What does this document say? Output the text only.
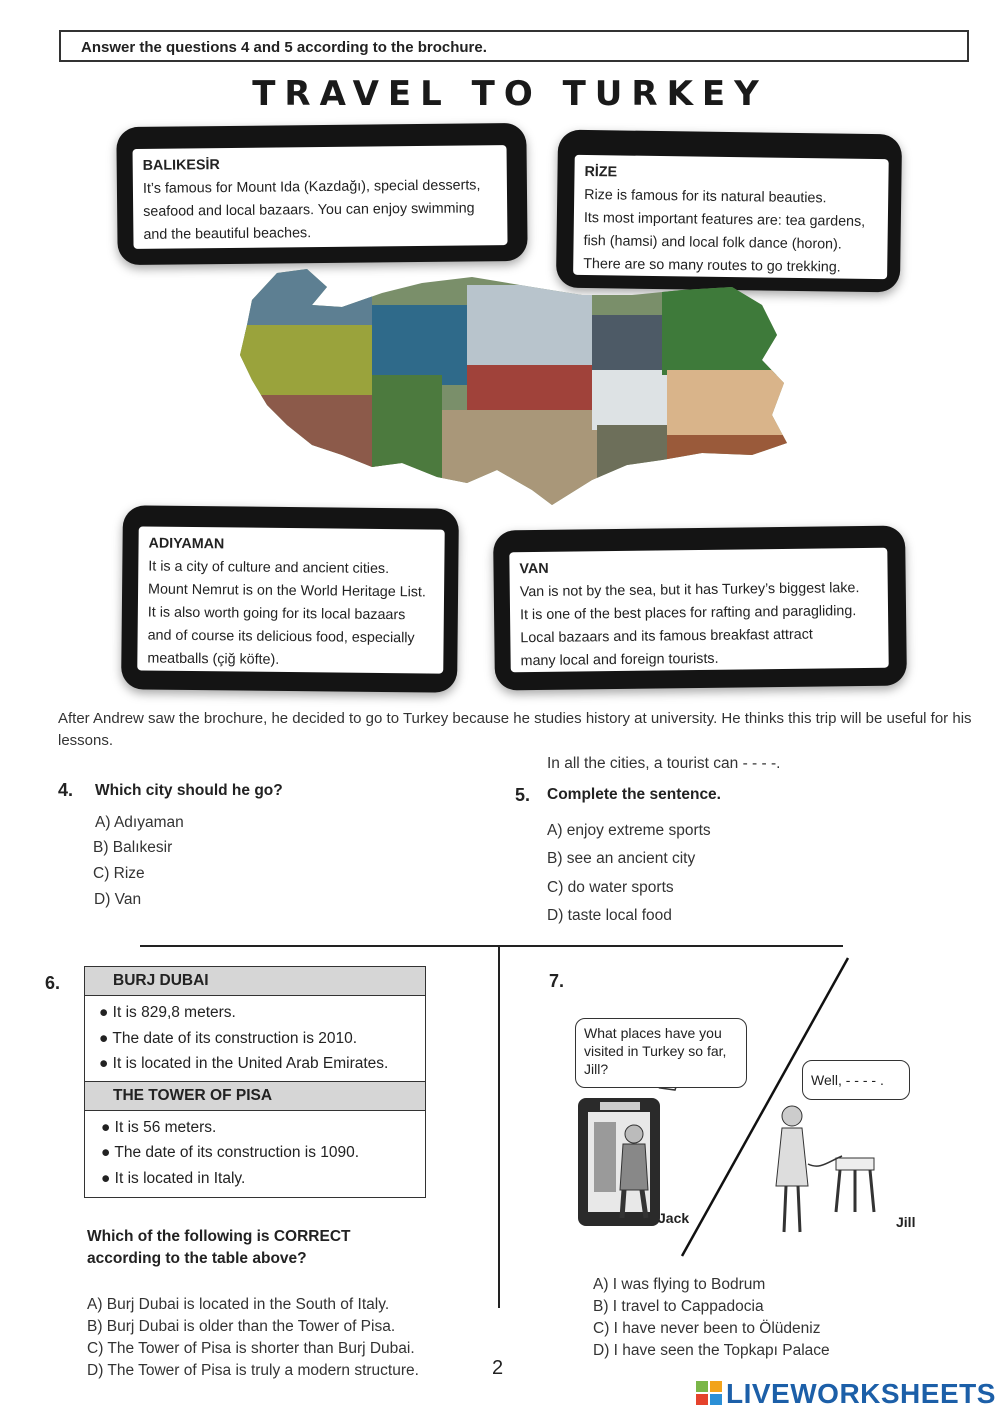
Answer the questions 4 and 5 according to the brochure.
TRAVEL TO TURKEY
BALIKESİR
It’s famous for Mount Ida (Kazdağı), special desserts,
seafood and local bazaars. You can enjoy swimming
and the beautiful beaches.
RİZE
Rize is famous for its natural beauties.
Its most important features are: tea gardens,
fish (hamsi) and local folk dance (horon).
There are so many routes to go trekking.
ADIYAMAN
It is a city of culture and ancient cities.
Mount Nemrut is on the World Heritage List.
It is also worth going for its local bazaars
and of course its delicious food, especially
meatballs (çiğ köfte).
VAN
Van is not by the sea, but it has Turkey’s biggest lake.
It is one of the best places for rafting and paragliding.
Local bazaars and its famous breakfast attract
many local and foreign tourists.
After Andrew saw the brochure, he decided to go to Turkey because he studies history at university. He thinks this trip will be useful for his lessons.
4. Which city should he go?
A) Adıyaman
B) Balıkesir
C) Rize
D) Van
In all the cities, a tourist can - - - -.
5. Complete the sentence.
A) enjoy extreme sports
B) see an ancient city
C) do water sports
D) taste local food
6.	BURJ DUBAI
● It is 829,8 meters.
● The date of its construction is 2010.
● It is located in the United Arab Emirates.
THE TOWER OF PISA
● It is 56 meters.
● The date of its construction is 1090.
● It is located in Italy.
Which of the following is CORRECT
according to the table above?
A) Burj Dubai is located in the South of Italy.
B) Burj Dubai is older than the Tower of Pisa.
C) The Tower of Pisa is shorter than Burj Dubai.
D) The Tower of Pisa is truly a modern structure.
7.
What places have you visited in Turkey so far, Jill?
Well, - - - - .
Jack	Jill
A) I was flying to Bodrum
B) I travel to Cappadocia
C) I have never been to Ölüdeniz
D) I have seen the Topkapı Palace
2
LIVEWORKSHEETS
